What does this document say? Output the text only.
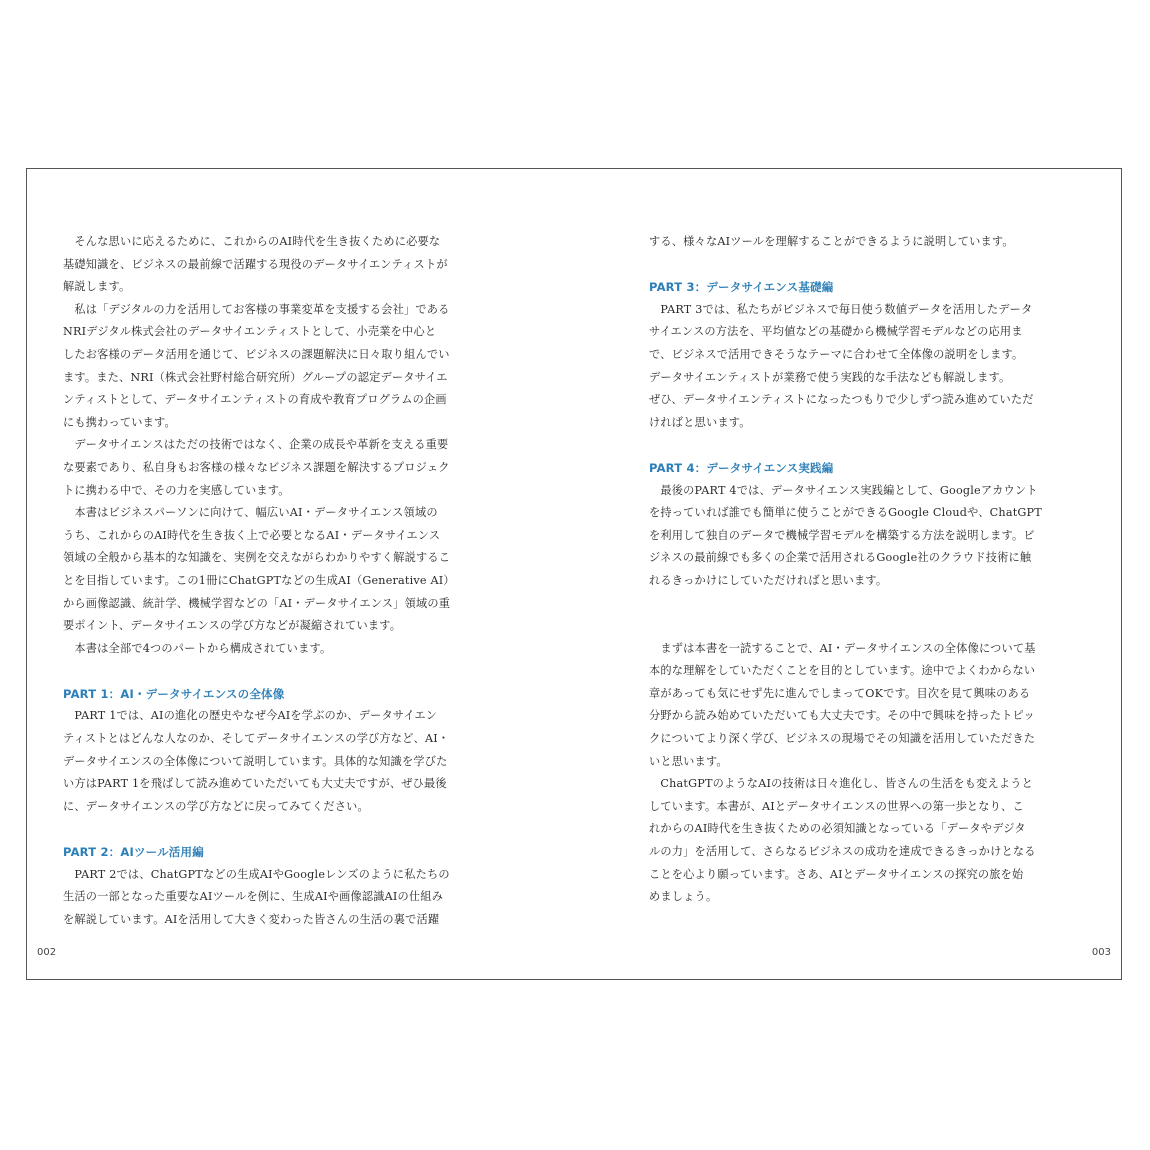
　そんな思いに応えるために、これからのAI時代を生き抜くために必要な
基礎知識を、ビジネスの最前線で活躍する現役のデータサイエンティストが
解説します。
　私は「デジタルの力を活用してお客様の事業変革を支援する会社」である
NRIデジタル株式会社のデータサイエンティストとして、小売業を中心と
したお客様のデータ活用を通じて、ビジネスの課題解決に日々取り組んでい
ます。また、NRI（株式会社野村総合研究所）グループの認定データサイエ
ンティストとして、データサイエンティストの育成や教育プログラムの企画
にも携わっています。
　データサイエンスはただの技術ではなく、企業の成長や革新を支える重要
な要素であり、私自身もお客様の様々なビジネス課題を解決するプロジェク
トに携わる中で、その力を実感しています。
　本書はビジネスパーソンに向けて、幅広いAI・データサイエンス領域の
うち、これからのAI時代を生き抜く上で必要となるAI・データサイエンス
領域の全般から基本的な知識を、実例を交えながらわかりやすく解説するこ
とを目指しています。この1冊にChatGPTなどの生成AI（Generative AI）
から画像認識、統計学、機械学習などの「AI・データサイエンス」領域の重
要ポイント、データサイエンスの学び方などが凝縮されています。
　本書は全部で4つのパートから構成されています。

PART 1：AI・データサイエンスの全体像

　PART 1では、AIの進化の歴史やなぜ今AIを学ぶのか、データサイエン
ティストとはどんな人なのか、そしてデータサイエンスの学び方など、AI・
データサイエンスの全体像について説明しています。具体的な知識を学びた
い方はPART 1を飛ばして読み進めていただいても大丈夫ですが、ぜひ最後
に、データサイエンスの学び方などに戻ってみてください。

PART 2：AIツール活用編

　PART 2では、ChatGPTなどの生成AIやGoogleレンズのように私たちの
生活の一部となった重要なAIツールを例に、生成AIや画像認識AIの仕組み
を解説しています。AIを活用して大きく変わった皆さんの生活の裏で活躍
する、様々なAIツールを理解することができるように説明しています。

PART 3：データサイエンス基礎編

　PART 3では、私たちがビジネスで毎日使う数値データを活用したデータ
サイエンスの方法を、平均値などの基礎から機械学習モデルなどの応用ま
で、ビジネスで活用できそうなテーマに合わせて全体像の説明をします。
データサイエンティストが業務で使う実践的な手法なども解説します。
ぜひ、データサイエンティストになったつもりで少しずつ読み進めていただ
ければと思います。

PART 4：データサイエンス実践編

　最後のPART 4では、データサイエンス実践編として、Googleアカウント
を持っていれば誰でも簡単に使うことができるGoogle Cloudや、ChatGPT
を利用して独自のデータで機械学習モデルを構築する方法を説明します。ビ
ジネスの最前線でも多くの企業で活用されるGoogle社のクラウド技術に触
れるきっかけにしていただければと思います。
　まずは本書を一読することで、AI・データサイエンスの全体像について基
本的な理解をしていただくことを目的としています。途中でよくわからない
章があっても気にせず先に進んでしまってOKです。目次を見て興味のある
分野から読み始めていただいても大丈夫です。その中で興味を持ったトピッ
クについてより深く学び、ビジネスの現場でその知識を活用していただきた
いと思います。
　ChatGPTのようなAIの技術は日々進化し、皆さんの生活をも変えようと
しています。本書が、AIとデータサイエンスの世界への第一歩となり、こ
れからのAI時代を生き抜くための必須知識となっている「データやデジタ
ルの力」を活用して、さらなるビジネスの成功を達成できるきっかけとなる
ことを心より願っています。さあ、AIとデータサイエンスの探究の旅を始
めましょう。
002	003
